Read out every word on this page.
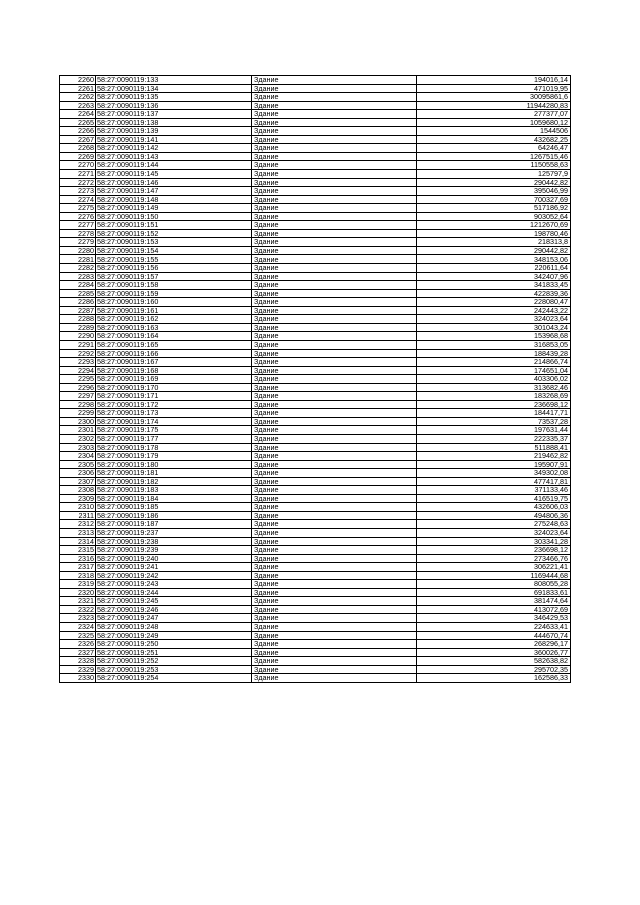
2260	58:27:0090119:133	Здание	194016,14
2261	58:27:0090119:134	Здание	471019,95
2262	58:27:0090119:135	Здание	30095861,6
2263	58:27:0090119:136	Здание	11944280,83
2264	58:27:0090119:137	Здание	277377,07
2265	58:27:0090119:138	Здание	1059680,12
2266	58:27:0090119:139	Здание	1544506
2267	58:27:0090119:141	Здание	432682,25
2268	58:27:0090119:142	Здание	64246,47
2269	58:27:0090119:143	Здание	1267515,46
2270	58:27:0090119:144	Здание	1150558,63
2271	58:27:0090119:145	Здание	125797,9
2272	58:27:0090119:146	Здание	290442,82
2273	58:27:0090119:147	Здание	395046,99
2274	58:27:0090119:148	Здание	700327,69
2275	58:27:0090119:149	Здание	517186,92
2276	58:27:0090119:150	Здание	903052,64
2277	58:27:0090119:151	Здание	1212670,69
2278	58:27:0090119:152	Здание	198780,46
2279	58:27:0090119:153	Здание	218313,8
2280	58:27:0090119:154	Здание	290442,82
2281	58:27:0090119:155	Здание	348153,06
2282	58:27:0090119:156	Здание	220611,64
2283	58:27:0090119:157	Здание	342407,96
2284	58:27:0090119:158	Здание	341833,45
2285	58:27:0090119:159	Здание	422839,36
2286	58:27:0090119:160	Здание	228080,47
2287	58:27:0090119:161	Здание	242443,22
2288	58:27:0090119:162	Здание	324023,64
2289	58:27:0090119:163	Здание	301043,24
2290	58:27:0090119:164	Здание	153968,68
2291	58:27:0090119:165	Здание	316853,05
2292	58:27:0090119:166	Здание	188439,28
2293	58:27:0090119:167	Здание	214866,74
2294	58:27:0090119:168	Здание	174651,04
2295	58:27:0090119:169	Здание	403306,02
2296	58:27:0090119:170	Здание	313682,46
2297	58:27:0090119:171	Здание	183268,69
2298	58:27:0090119:172	Здание	236698,12
2299	58:27:0090119:173	Здание	184417,71
2300	58:27:0090119:174	Здание	73537,28
2301	58:27:0090119:175	Здание	197631,44
2302	58:27:0090119:177	Здание	222335,37
2303	58:27:0090119:178	Здание	511888,41
2304	58:27:0090119:179	Здание	219462,82
2305	58:27:0090119:180	Здание	195907,91
2306	58:27:0090119:181	Здание	349302,08
2307	58:27:0090119:182	Здание	477417,81
2308	58:27:0090119:183	Здание	371133,46
2309	58:27:0090119:184	Здание	416519,75
2310	58:27:0090119:185	Здание	432606,03
2311	58:27:0090119:186	Здание	494806,36
2312	58:27:0090119:187	Здание	275248,63
2313	58:27:0090119:237	Здание	324023,64
2314	58:27:0090119:238	Здание	303341,28
2315	58:27:0090119:239	Здание	236698,12
2316	58:27:0090119:240	Здание	273466,76
2317	58:27:0090119:241	Здание	306221,41
2318	58:27:0090119:242	Здание	1169444,68
2319	58:27:0090119:243	Здание	808055,28
2320	58:27:0090119:244	Здание	691833,61
2321	58:27:0090119:245	Здание	381474,64
2322	58:27:0090119:246	Здание	413072,69
2323	58:27:0090119:247	Здание	346429,53
2324	58:27:0090119:248	Здание	224633,41
2325	58:27:0090119:249	Здание	444670,74
2326	58:27:0090119:250	Здание	268296,17
2327	58:27:0090119:251	Здание	360026,77
2328	58:27:0090119:252	Здание	582638,82
2329	58:27:0090119:253	Здание	295702,35
2330	58:27:0090119:254	Здание	162586,33
